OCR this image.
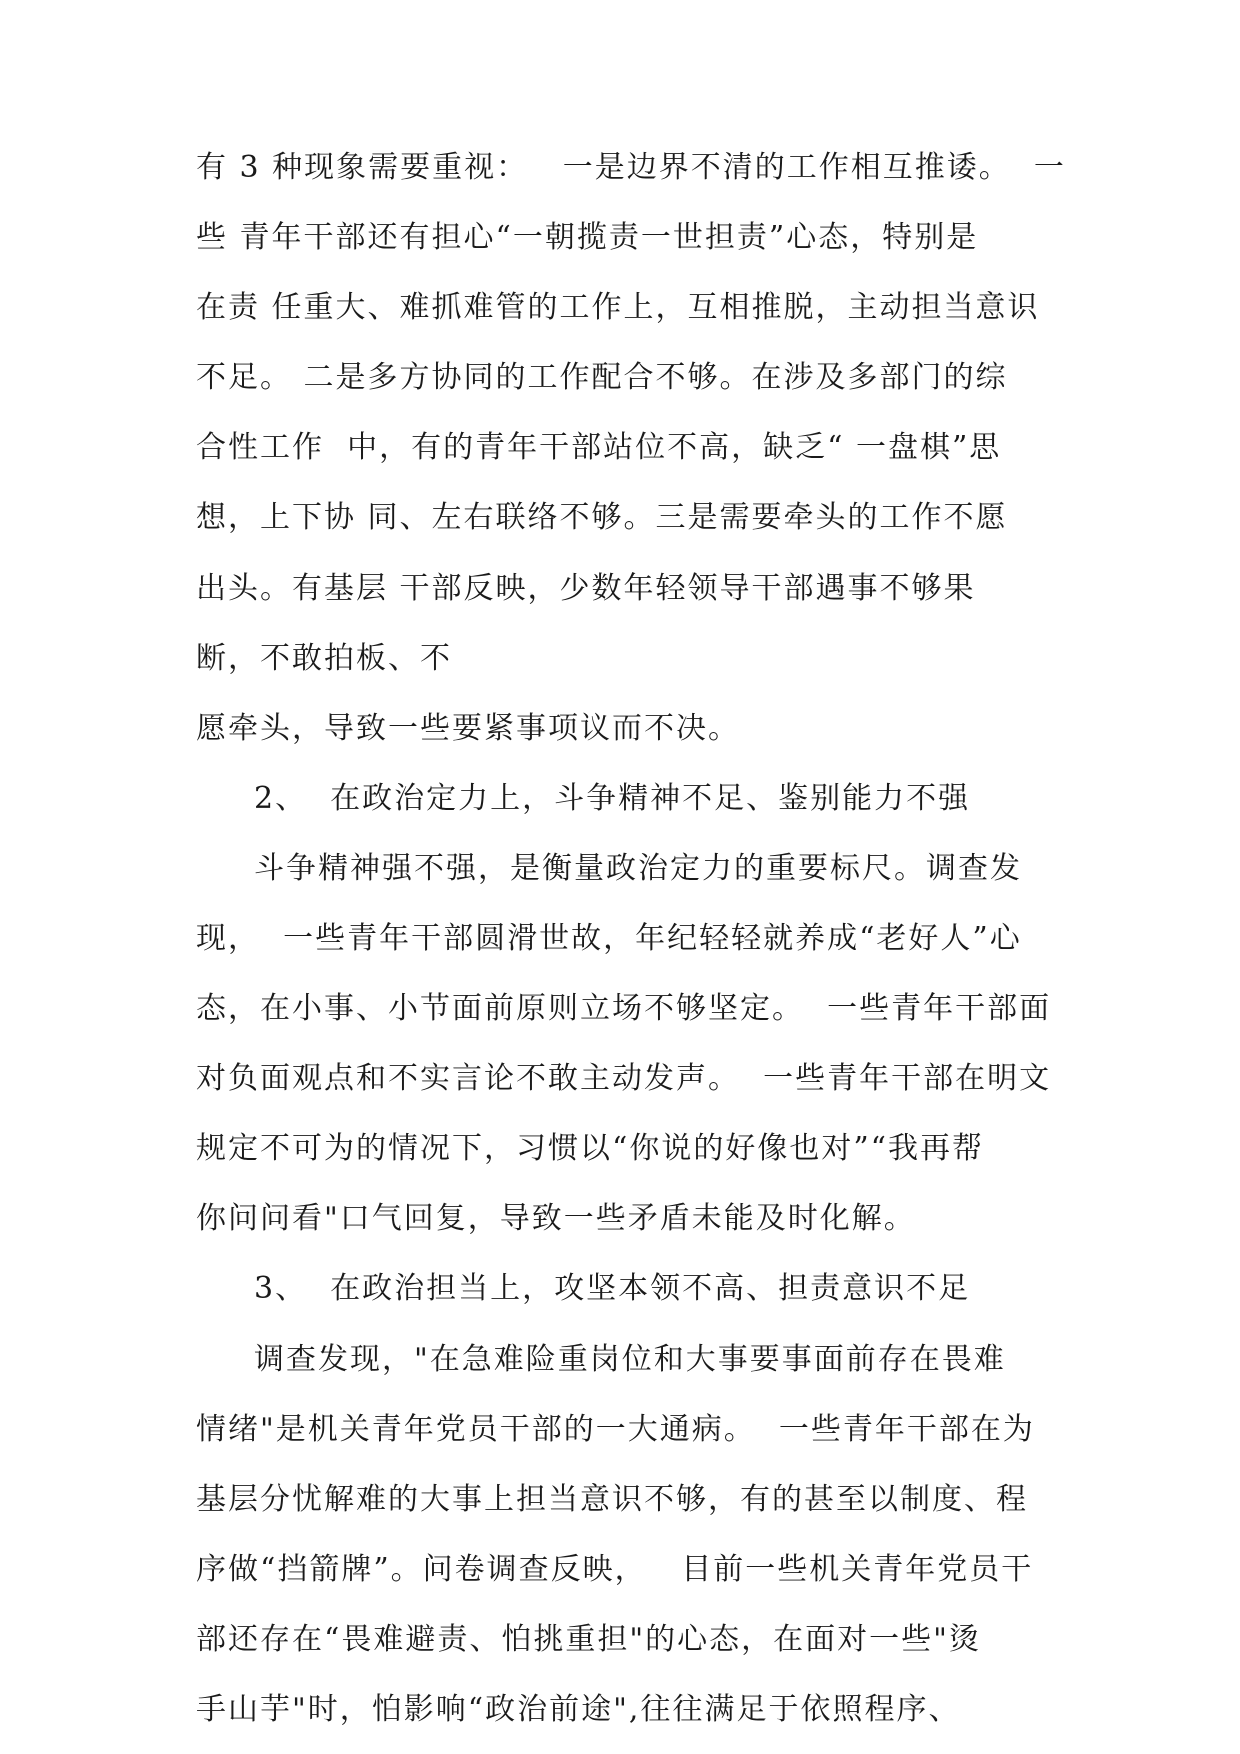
有 3 种现象需要重视：   一是边界不清的工作相互推诿。  一
些 青年干部还有担心“一朝揽责一世担责”心态，特别是
在责 任重大、难抓难管的工作上，互相推脱，主动担当意识
不足。 二是多方协同的工作配合不够。在涉及多部门的综
合性工作  中，有的青年干部站位不高，缺乏“ 一盘棋”思
想，上下协 同、左右联络不够。三是需要牵头的工作不愿
出头。有基层 干部反映，少数年轻领导干部遇事不够果
断，不敢拍板、不
愿牵头，导致一些要紧事项议而不决。
2、  在政治定力上，斗争精神不足、鉴别能力不强
斗争精神强不强，是衡量政治定力的重要标尺。调查发
现，  一些青年干部圆滑世故，年纪轻轻就养成“老好人”心
态，在小事、小节面前原则立场不够坚定。  一些青年干部面
对负面观点和不实言论不敢主动发声。  一些青年干部在明文
规定不可为的情况下，习惯以“你说的好像也对”“我再帮
你问问看"口气回复，导致一些矛盾未能及时化解。
3、  在政治担当上，攻坚本领不高、担责意识不足
调查发现，"在急难险重岗位和大事要事面前存在畏难
情绪"是机关青年党员干部的一大通病。  一些青年干部在为
基层分忧解难的大事上担当意识不够，有的甚至以制度、程
序做“挡箭牌”。问卷调查反映，   目前一些机关青年党员干
部还存在“畏难避责、怕挑重担"的心态，在面对一些"烫
手山芋"时，怕影响“政治前途",往往满足于依照程序、
